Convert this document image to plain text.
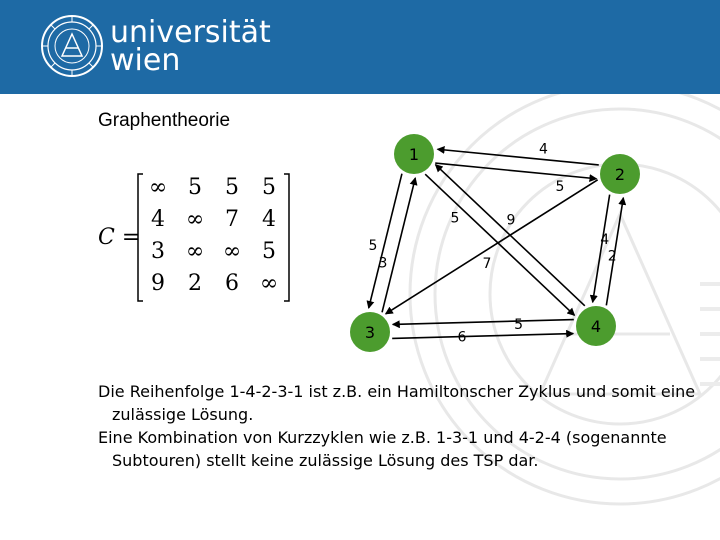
universität
wien
Graphentheorie
C =
∞ 5 5 5
4 ∞ 7 4
3 ∞ ∞ 5
9 2 6 ∞
1
2
3	4
5
4
5
3
5	9
7	2
4
5
6

Die Reihenfolge 1-4-2-3-1 ist z.B. ein Hamiltonscher Zyklus und somit eine zulässige Lösung.

Eine Kombination von Kurzzyklen wie z.B. 1-3-1 und 4-2-4 (sogenannte Subtouren) stellt keine zulässige Lösung des TSP dar.
